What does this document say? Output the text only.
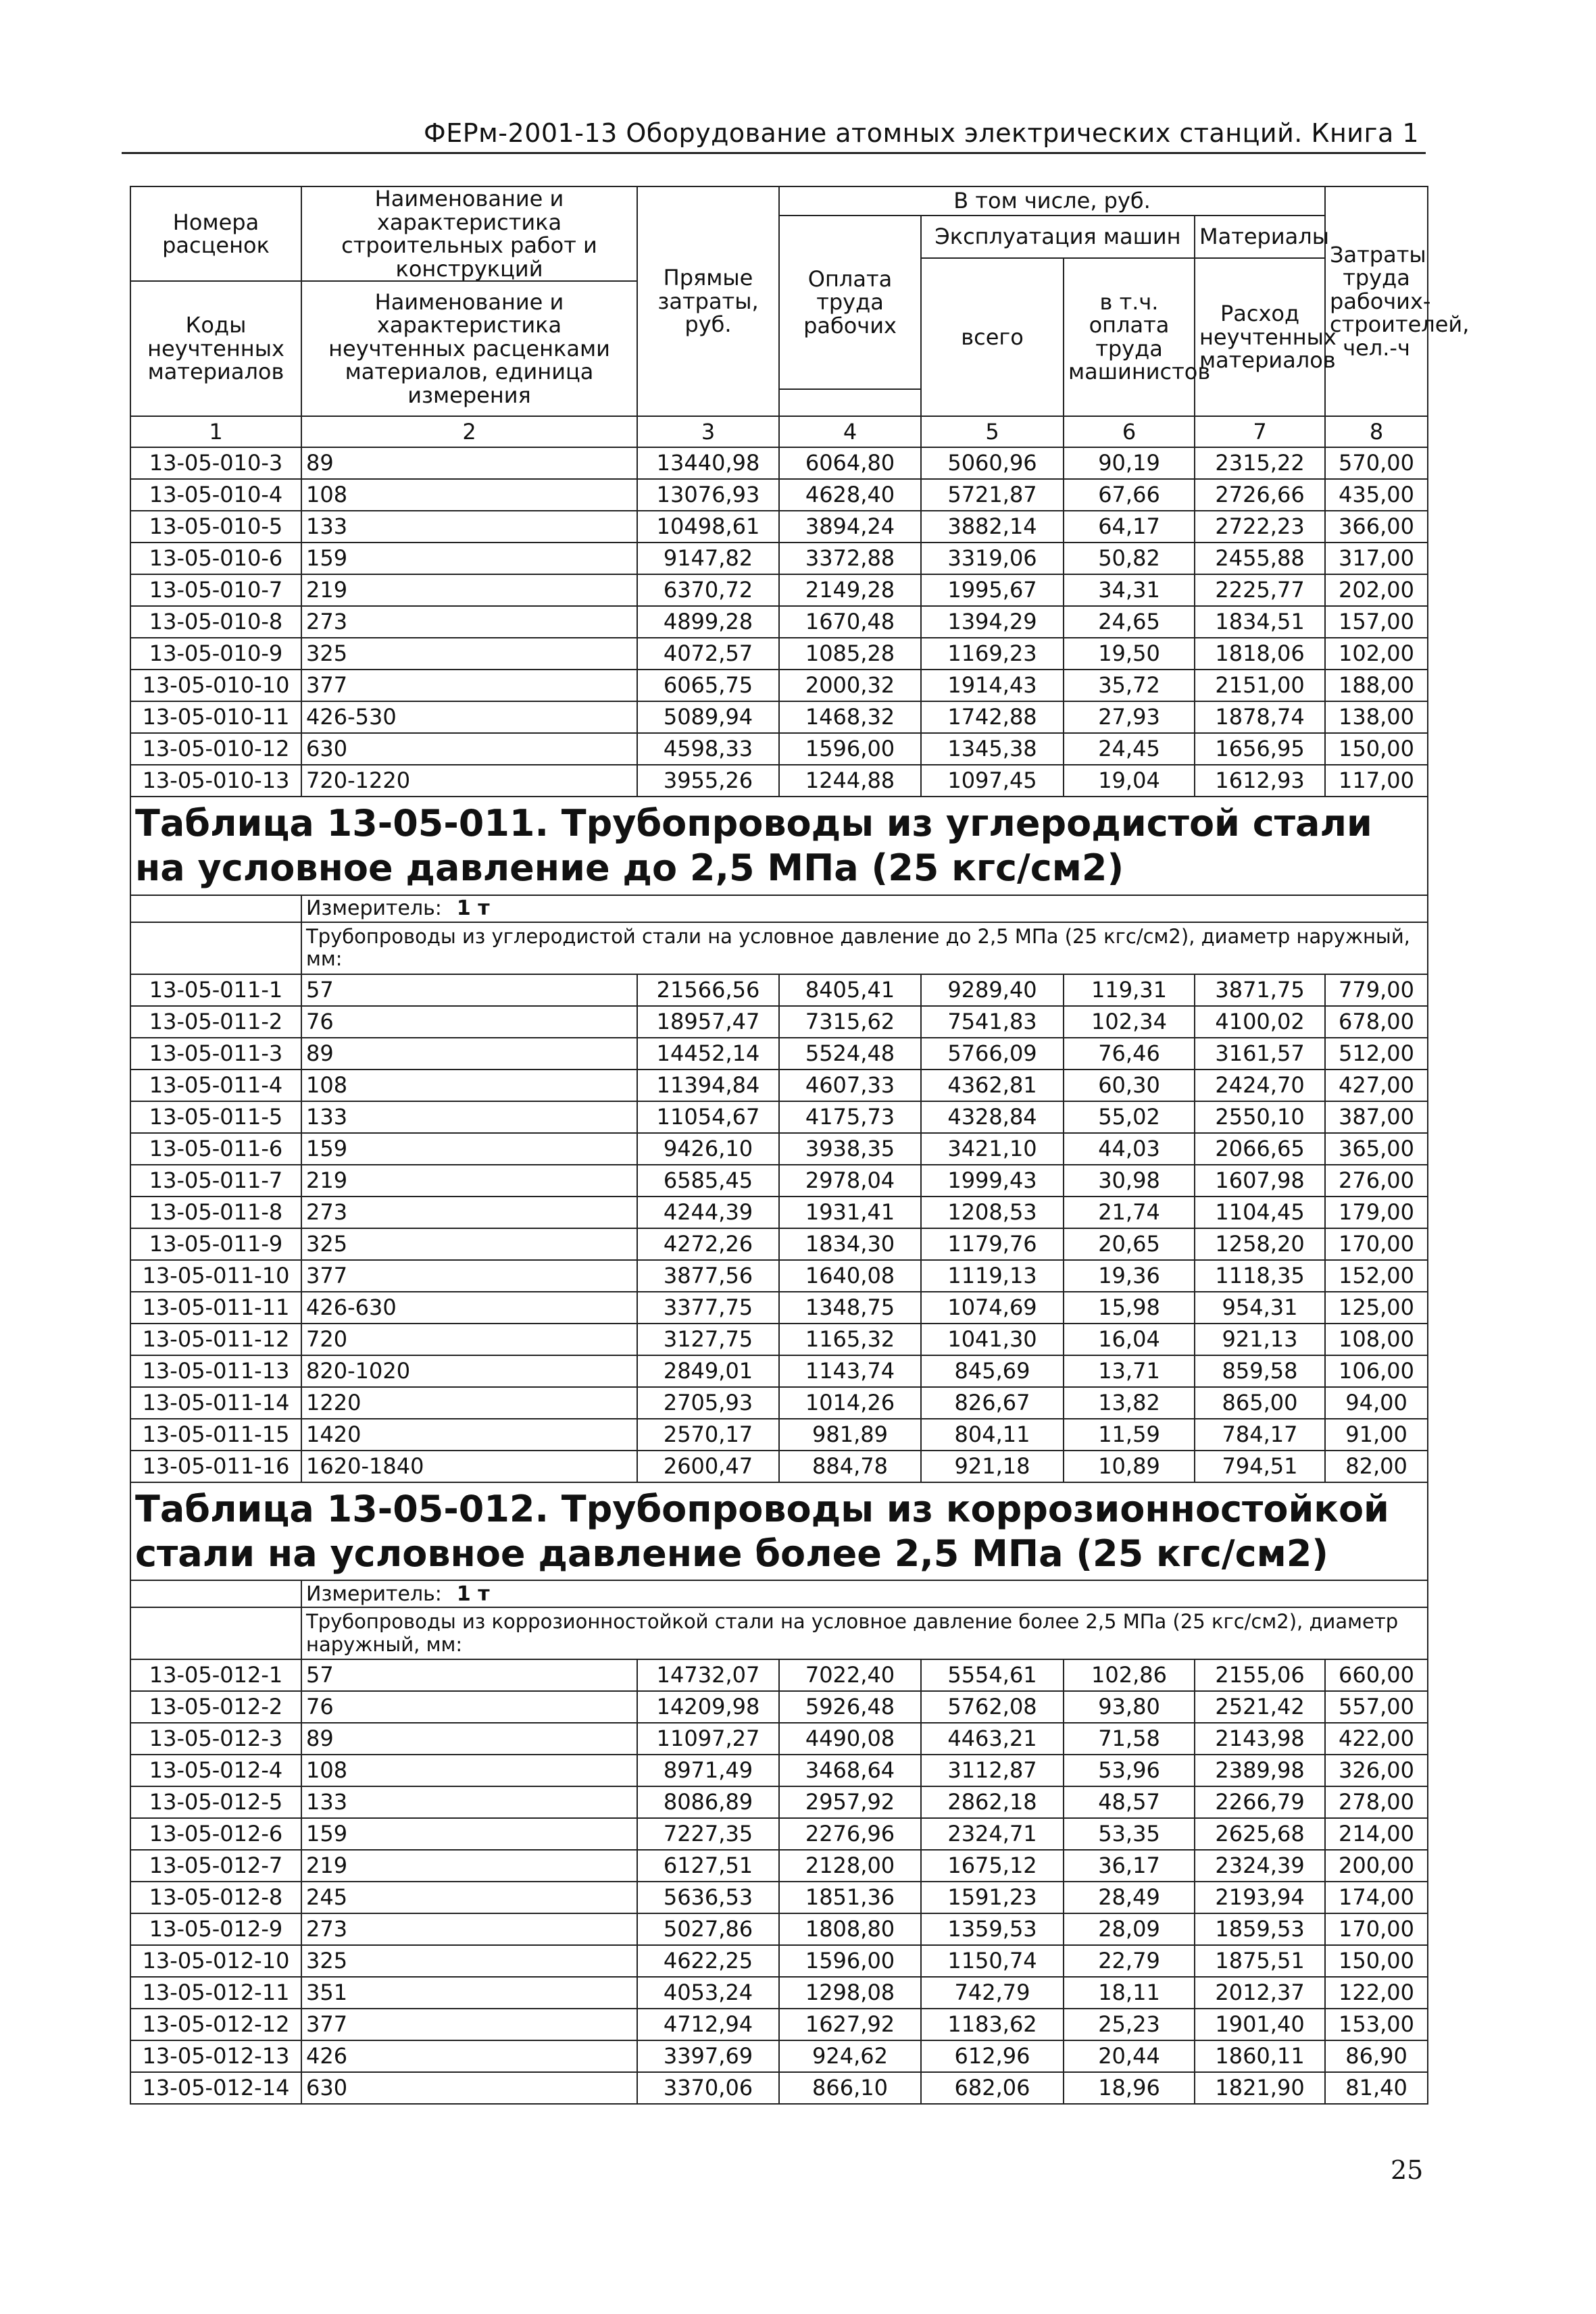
ФЕРм-2001-13 Оборудование атомных электрических станций. Книга 1
Номера расценок	Наименование и характеристика строительных работ и конструкций	Прямые затраты, руб.	В том числе, руб.				Затраты труда рабочих-строителей, чел.-ч
			Оплата труда рабочих	Эксплуатация машин		Материалы	
				всего	в т.ч. оплата труда машинистов	Расход неучтенных материалов	
Коды неучтенных материалов	Наименование и характеристика неучтенных расценками материалов, единица измерения						

1	2	3	4	5	6	7	8
13-05-010-3	89	13440,98	6064,80	5060,96	90,19	2315,22	570,00
13-05-010-4	108	13076,93	4628,40	5721,87	67,66	2726,66	435,00
13-05-010-5	133	10498,61	3894,24	3882,14	64,17	2722,23	366,00
13-05-010-6	159	9147,82	3372,88	3319,06	50,82	2455,88	317,00
13-05-010-7	219	6370,72	2149,28	1995,67	34,31	2225,77	202,00
13-05-010-8	273	4899,28	1670,48	1394,29	24,65	1834,51	157,00
13-05-010-9	325	4072,57	1085,28	1169,23	19,50	1818,06	102,00
13-05-010-10	377	6065,75	2000,32	1914,43	35,72	2151,00	188,00
13-05-010-11	426-530	5089,94	1468,32	1742,88	27,93	1878,74	138,00
13-05-010-12	630	4598,33	1596,00	1345,38	24,45	1656,95	150,00
13-05-010-13	720-1220	3955,26	1244,88	1097,45	19,04	1612,93	117,00
Таблица 13-05-011. Трубопроводы из углеродистой стали на условное давление до 2,5 МПа (25 кгс/см2)							
	Измеритель: 1 т						
	Трубопроводы из углеродистой стали на условное давление до 2,5 МПа (25 кгс/см2), диаметр наружный, мм:						
13-05-011-1	57	21566,56	8405,41	9289,40	119,31	3871,75	779,00
13-05-011-2	76	18957,47	7315,62	7541,83	102,34	4100,02	678,00
13-05-011-3	89	14452,14	5524,48	5766,09	76,46	3161,57	512,00
13-05-011-4	108	11394,84	4607,33	4362,81	60,30	2424,70	427,00
13-05-011-5	133	11054,67	4175,73	4328,84	55,02	2550,10	387,00
13-05-011-6	159	9426,10	3938,35	3421,10	44,03	2066,65	365,00
13-05-011-7	219	6585,45	2978,04	1999,43	30,98	1607,98	276,00
13-05-011-8	273	4244,39	1931,41	1208,53	21,74	1104,45	179,00
13-05-011-9	325	4272,26	1834,30	1179,76	20,65	1258,20	170,00
13-05-011-10	377	3877,56	1640,08	1119,13	19,36	1118,35	152,00
13-05-011-11	426-630	3377,75	1348,75	1074,69	15,98	954,31	125,00
13-05-011-12	720	3127,75	1165,32	1041,30	16,04	921,13	108,00
13-05-011-13	820-1020	2849,01	1143,74	845,69	13,71	859,58	106,00
13-05-011-14	1220	2705,93	1014,26	826,67	13,82	865,00	94,00
13-05-011-15	1420	2570,17	981,89	804,11	11,59	784,17	91,00
13-05-011-16	1620-1840	2600,47	884,78	921,18	10,89	794,51	82,00
Таблица 13-05-012. Трубопроводы из коррозионностойкой стали на условное давление более 2,5 МПа (25 кгс/см2)							
	Измеритель: 1 т						
	Трубопроводы из коррозионностойкой стали на условное давление более 2,5 МПа (25 кгс/см2), диаметр наружный, мм:						
13-05-012-1	57	14732,07	7022,40	5554,61	102,86	2155,06	660,00
13-05-012-2	76	14209,98	5926,48	5762,08	93,80	2521,42	557,00
13-05-012-3	89	11097,27	4490,08	4463,21	71,58	2143,98	422,00
13-05-012-4	108	8971,49	3468,64	3112,87	53,96	2389,98	326,00
13-05-012-5	133	8086,89	2957,92	2862,18	48,57	2266,79	278,00
13-05-012-6	159	7227,35	2276,96	2324,71	53,35	2625,68	214,00
13-05-012-7	219	6127,51	2128,00	1675,12	36,17	2324,39	200,00
13-05-012-8	245	5636,53	1851,36	1591,23	28,49	2193,94	174,00
13-05-012-9	273	5027,86	1808,80	1359,53	28,09	1859,53	170,00
13-05-012-10	325	4622,25	1596,00	1150,74	22,79	1875,51	150,00
13-05-012-11	351	4053,24	1298,08	742,79	18,11	2012,37	122,00
13-05-012-12	377	4712,94	1627,92	1183,62	25,23	1901,40	153,00
13-05-012-13	426	3397,69	924,62	612,96	20,44	1860,11	86,90
13-05-012-14	630	3370,06	866,10	682,06	18,96	1821,90	81,40
25
